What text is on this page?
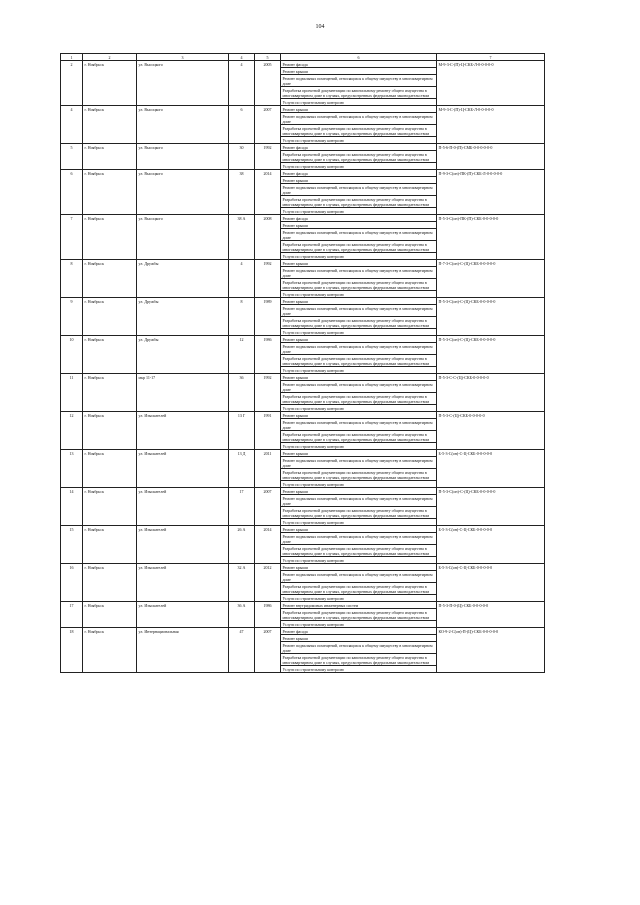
104
1	2	3	4	5	6	7
2	г. Ноябрьск	ул. Высоцкого	4	2005	Ремонт фасада	М-9-3-С-(П)-Ц-СКБ-Л-0-0-0-0-0
					Ремонт крыши	
					Ремонт подвальных помещений, относящихся к общему имуществу в многоквартирном доме	
					Разработка проектной документации по капитальному ремонту общего имущества в многоквартирном доме в случаях, предусмотренных федеральным законодательством	
					Услуги по строительному контролю	
4	г. Ноябрьск	ул. Высоцкого	6	2007	Ремонт крыши	М-9-3-С-(П)-Ц-СКБ-Л-0-0-0-0-0
					Ремонт подвальных помещений, относящихся к общему имуществу в многоквартирном доме	
					Разработка проектной документации по капитальному ремонту общего имущества в многоквартирном доме в случаях, предусмотренных федеральным законодательством	
					Услуги по строительному контролю	
5	г. Ноябрьск	ул. Высоцкого	30	1992	Ремонт фасада	П-5-6-П-0-(П)-СМБ-0-0-0-0-0-0
					Разработка проектной документации по капитальному ремонту общего имущества в многоквартирном доме в случаях, предусмотренных федеральным законодательством	
					Услуги по строительному контролю	
6	г. Ноябрьск	ул. Высоцкого	38	2014	Ремонт фасада	П-9-3-С(он)-ПК-(П)-СКБ-Л-0-0-0-0-0
					Ремонт крыши	
					Ремонт подвальных помещений, относящихся к общему имуществу в многоквартирном доме	
					Разработка проектной документации по капитальному ремонту общего имущества в многоквартирном доме в случаях, предусмотренных федеральным законодательством	
					Услуги по строительному контролю	
7	г. Ноябрьск	ул. Высоцкого	38 А	2008	Ремонт фасада	П-5-3-С(он)-ПК-(П)-СКБ-0-0-0-0-0
					Ремонт крыши	
					Ремонт подвальных помещений, относящихся к общему имуществу в многоквартирном доме	
					Разработка проектной документации по капитальному ремонту общего имущества в многоквартирном доме в случаях, предусмотренных федеральным законодательством	
					Услуги по строительному контролю	
8	г. Ноябрьск	ул. Дружбы	4	1992	Ремонт крыши	П-7-3-С(он)-С-(Ц)-СКБ-0-0-0-0-0
					Ремонт подвальных помещений, относящихся к общему имуществу в многоквартирном доме	
					Разработка проектной документации по капитальному ремонту общего имущества в многоквартирном доме в случаях, предусмотренных федеральным законодательством	
					Услуги по строительному контролю	
9	г. Ноябрьск	ул. Дружбы	8	1989	Ремонт крыши	П-5-3-С(он)-С-(Ц)-СКБ-0-0-0-0-0
					Ремонт подвальных помещений, относящихся к общему имуществу в многоквартирном доме	
					Разработка проектной документации по капитальному ремонту общего имущества в многоквартирном доме в случаях, предусмотренных федеральным законодательством	
					Услуги по строительному контролю	
10	г. Ноябрьск	ул. Дружбы	12	1986	Ремонт крыши	П-5-3-С(он)-С-(Ц)-СКБ-0-0-0-0-0
					Ремонт подвальных помещений, относящихся к общему имуществу в многоквартирном доме	
					Разработка проектной документации по капитальному ремонту общего имущества в многоквартирном доме в случаях, предусмотренных федеральным законодательством	
					Услуги по строительному контролю	
11	г. Ноябрьск	мкр 11-17	36	1992	Ремонт крыши	П-5-3-С-С-(Ц)-СКБ-0-0-0-0-0
					Ремонт подвальных помещений, относящихся к общему имуществу в многоквартирном доме	
					Разработка проектной документации по капитальному ремонту общего имущества в многоквартирном доме в случаях, предусмотренных федеральным законодательством	
					Услуги по строительному контролю	
12	г. Ноябрьск	ул. Изыскателей	13 Г	1991	Ремонт крыши	П-5-3-С-(Ц)-СКБ-0-0-0-0-0
					Ремонт подвальных помещений, относящихся к общему имуществу в многоквартирном доме	
					Разработка проектной документации по капитальному ремонту общего имущества в многоквартирном доме в случаях, предусмотренных федеральным законодательством	
					Услуги по строительному контролю	
13	г. Ноябрьск	ул. Изыскателей	13 Д	2011	Ремонт крыши	Б-5-3-С(он)-С-Ц-СКБ-0-0-0-0-0
					Ремонт подвальных помещений, относящихся к общему имуществу в многоквартирном доме	
					Разработка проектной документации по капитальному ремонту общего имущества в многоквартирном доме в случаях, предусмотренных федеральным законодательством	
					Услуги по строительному контролю	
14	г. Ноябрьск	ул. Изыскателей	17	2007	Ремонт крыши	П-5-3-С(он)-С-(Ц)-СКБ-0-0-0-0-0
					Ремонт подвальных помещений, относящихся к общему имуществу в многоквартирном доме	
					Разработка проектной документации по капитальному ремонту общего имущества в многоквартирном доме в случаях, предусмотренных федеральным законодательством	
					Услуги по строительному контролю	
15	г. Ноябрьск	ул. Изыскателей	26 А	2014	Ремонт крыши	Б-5-3-С(он)-С-Ц-СКБ-0-0-0-0-0
					Ремонт подвальных помещений, относящихся к общему имуществу в многоквартирном доме	
					Разработка проектной документации по капитальному ремонту общего имущества в многоквартирном доме в случаях, предусмотренных федеральным законодательством	
					Услуги по строительному контролю	
16	г. Ноябрьск	ул. Изыскателей	32 А	2012	Ремонт крыши	Б-5-3-С(он)-С-Ц-СКБ-0-0-0-0-0
					Ремонт подвальных помещений, относящихся к общему имуществу в многоквартирном доме	
					Разработка проектной документации по капитальному ремонту общего имущества в многоквартирном доме в случаях, предусмотренных федеральным законодательством	
					Услуги по строительному контролю	
17	г. Ноябрьск	ул. Изыскателей	36 А	1986	Ремонт внутридомовых инженерных систем	П-5-3-П-0-(Ц)-СКБ-0-0-0-0-0
					Разработка проектной документации по капитальному ремонту общего имущества в многоквартирном доме в случаях, предусмотренных федеральным законодательством	
					Услуги по строительному контролю	
18	г. Ноябрьск	ул. Интернациональная	47	2007	Ремонт фасада	КО-9-2-С(он)-П-(Ц)-СКБ-0-0-0-0-0
					Ремонт крыши	
					Ремонт подвальных помещений, относящихся к общему имуществу в многоквартирном доме	
					Разработка проектной документации по капитальному ремонту общего имущества в многоквартирном доме в случаях, предусмотренных федеральным законодательством	
					Услуги по строительному контролю	
